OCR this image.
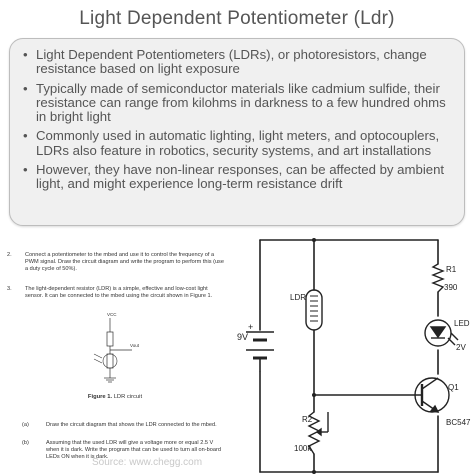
Light Dependent Potentiometer (Ldr)
• Light Dependent Potentiometers (LDRs), or photoresistors, change resistance based on light exposure
• Typically made of semiconductor materials like cadmium sulfide, their resistance can range from kilohms in darkness to a few hundred ohms in bright light
• Commonly used in automatic lighting, light meters, and optocouplers, LDRs also feature in robotics, security systems, and art installations
• However, they have non-linear responses, can be affected by ambient light, and might experience long-term resistance drift
2. Connect a potentiometer to the mbed and use it to control the frequency of a PWM signal. Draw the circuit diagram and write the program to perform this (use a duty cycle of 50%).
3. The light-dependent resistor (LDR) is a simple, effective and low-cost light sensor. It can be connected to the mbed using the circuit shown in Figure 1.
VCC
Vout
Figure 1. LDR circuit
(a)	Draw the circuit diagram that shows the LDR connected to the mbed.
(b)	Assuming that the used LDR will give a voltage more or equal 2.5 V when it is dark. Write the program that can be used to turn all on-board LEDs ON when it is dark.
Source: www.chegg.com
9V
+
LDR
R2
100k
R1
390
LED
2V
Q1
BC547
